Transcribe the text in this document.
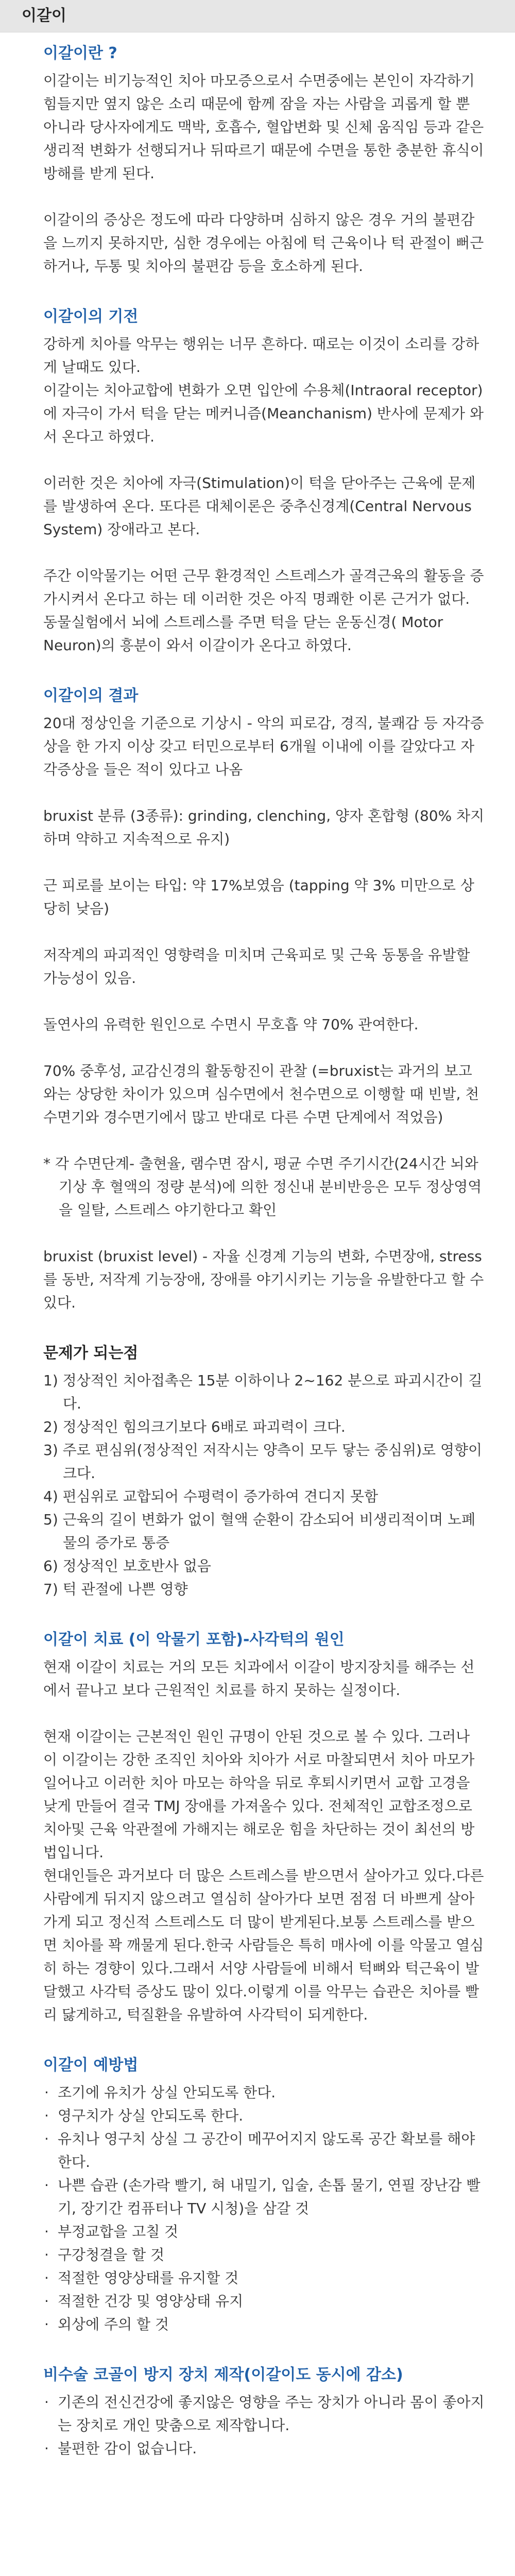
이갈이
이갈이란 ?

이갈이는 비기능적인 치아 마모증으로서 수면중에는 본인이 자각하기 힘들지만 옆지 않은 소리 때문에 함께 잠을 자는 사람을 괴롭게 할 뿐 아니라 당사자에게도 맥박, 호흡수, 혈압변화 및 신체 움직임 등과 같은 생리적 변화가 선행되거나 뒤따르기 때문에 수면을 통한 충분한 휴식이 방해를 받게 된다.

이갈이의 증상은 정도에 따라 다양하며 심하지 않은 경우 거의 불편감을 느끼지 못하지만, 심한 경우에는 아침에 턱 근육이나 턱 관절이 뻐근하거나, 두통 및 치아의 불편감 등을 호소하게 된다.

이갈이의 기전

강하게 치아를 악무는 행위는 너무 흔하다. 때로는 이것이 소리를 강하게 날때도 있다.

이갈이는 치아교합에 변화가 오면 입안에 수용체(Intraoral receptor)에 자극이 가서 턱을 닫는 메커니즘(Meanchanism) 반사에 문제가 와서 온다고 하였다.

이러한 것은 치아에 자극(Stimulation)이 턱을 닫아주는 근육에 문제를 발생하여 온다. 또다른 대체이론은 중추신경계(Central Nervous System) 장애라고 본다.

주간 이악물기는 어떤 근무 환경적인 스트레스가 골격근육의 활동을 증가시켜서 온다고 하는 데 이러한 것은 아직 명쾌한 이론 근거가 없다. 동물실험에서 뇌에 스트레스를 주면 턱을 닫는 운동신경( Motor Neuron)의 흥분이 와서 이갈이가 온다고 하였다.

이갈이의 결과

20대 정상인을 기준으로 기상시 - 악의 피로감, 경직, 불쾌감 등 자각증상을 한 가지 이상 갖고 터민으로부터 6개월 이내에 이를 갈았다고 자각증상을 들은 적이 있다고 나옴

bruxist 분류 (3종류): grinding, clenching, 양자 혼합형 (80% 차지하며 약하고 지속적으로 유지)

근 피로를 보이는 타입: 약 17%보였음 (tapping 약 3% 미만으로 상당히 낮음)

저작계의 파괴적인 영향력을 미치며 근육피로 및 근육 동통을 유발할 가능성이 있음.

돌연사의 유력한 원인으로 수면시 무호흡 약 70% 관여한다.

70% 중후성, 교감신경의 활동항진이 관찰 (=bruxist는 과거의 보고와는 상당한 차이가 있으며 심수면에서 천수면으로 이행할 때 빈발, 천수면기와 경수면기에서 많고 반대로 다른 수면 단계에서 적었음)

* 각 수면단계- 출현율, 램수면 잠시, 평균 수면 주기시간(24시간 뇌와 기상 후 혈액의 정량 분석)에 의한 정신내 분비반응은 모두 정상영역을 일탈, 스트레스 야기한다고 확인

bruxist (bruxist level) - 자율 신경계 기능의 변화, 수면장애, stress를 동반, 저작계 기능장애, 장애를 야기시키는 기능을 유발한다고 할 수 있다.

문제가 되는점
1) 정상적인 치아접촉은 15분 이하이나 2~162 분으로 파괴시간이 길다.
2) 정상적인 힘의크기보다 6배로 파괴력이 크다.
3) 주로 편심위(정상적인 저작시는 양측이 모두 닿는 중심위)로 영향이 크다.
4) 편심위로 교합되어 수평력이 증가하여 견디지 못함
5) 근육의 길이 변화가 없이 혈액 순환이 감소되어 비생리적이며 노폐물의 증가로 통증
6) 정상적인 보호반사 없음
7) 턱 관절에 나쁜 영향
이갈이 치료 (이 악물기 포함)-사각턱의 원인

현재 이갈이 치료는 거의 모든 치과에서 이갈이 방지장치를 해주는 선에서 끝나고 보다 근원적인 치료를 하지 못하는 실정이다.

현재 이갈이는 근본적인 원인 규명이 안된 것으로 볼 수 있다. 그러나 이 이갈이는 강한 조직인 치아와 치아가 서로 마찰되면서 치아 마모가 일어나고 이러한 치아 마모는 하악을 뒤로 후퇴시키면서 교합 고경을 낮게 만들어 결국 TMJ 장애를 가져올수 있다. 전체적인 교합조정으로 치아및 근육 악관절에 가해지는 해로운 힘을 차단하는 것이 최선의 방법입니다.

현대인들은 과거보다 더 많은 스트레스를 받으면서 살아가고 있다.다른사람에게 뒤지지 않으려고 열심히 살아가다 보면 점점 더 바쁘게 살아가게 되고 정신적 스트레스도 더 많이 받게된다.보통 스트레스를 받으면 치아를 꽉 깨물게 된다.한국 사람들은 특히 매사에 이를 악물고 열심히 하는 경향이 있다.그래서 서양 사람들에 비해서 턱뼈와 턱근육이 발달했고 사각턱 증상도 많이 있다.이렇게 이를 악무는 습관은 치아를 빨리 닳게하고, 턱질환을 유발하여 사각턱이 되게한다.

이갈이 예방법
· 조기에 유치가 상실 안되도록 한다.
· 영구치가 상실 안되도록 한다.
· 유치나 영구치 상실 그 공간이 메꾸어지지 않도록 공간 확보를 해야 한다.
· 나쁜 습관 (손가락 빨기, 혀 내밀기, 입술, 손톱 물기, 연필 장난감 빨기, 장기간 컴퓨터나 TV 시청)을 삼갈 것
· 부정교합을 고칠 것
· 구강청결을 할 것
· 적절한 영양상태를 유지할 것
· 적절한 건강 및 영양상태 유지
· 외상에 주의 할 것
비수술 코골이 방지 장치 제작(이갈이도 동시에 감소)
· 기존의 전신건강에 좋지않은 영향을 주는 장치가 아니라 몸이 좋아지는 장치로 개인 맞춤으로 제작합니다.
· 불편한 감이 없습니다.
